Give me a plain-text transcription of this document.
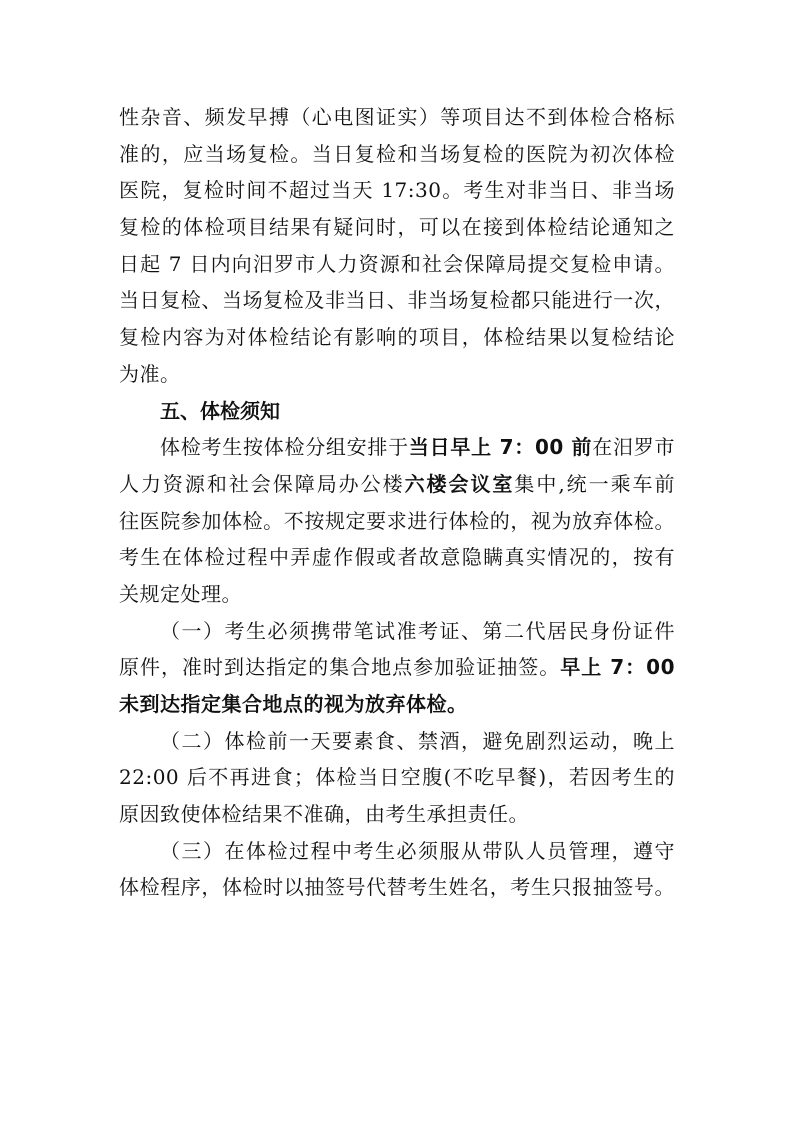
性杂音、频发早搏（心电图证实）等项目达不到体检合格标
准的，应当场复检。当日复检和当场复检的医院为初次体检
医院，复检时间不超过当天 17:30。考生对非当日、非当场
复检的体检项目结果有疑问时，可以在接到体检结论通知之
日起 7 日内向汨罗市人力资源和社会保障局提交复检申请。
当日复检、当场复检及非当日、非当场复检都只能进行一次，
复检内容为对体检结论有影响的项目，体检结果以复检结论
为准。
五、体检须知
体检考生按体检分组安排于当日早上 7：00 前在汨罗市
人力资源和社会保障局办公楼六楼会议室集中,统一乘车前
往医院参加体检。不按规定要求进行体检的，视为放弃体检。
考生在体检过程中弄虚作假或者故意隐瞒真实情况的，按有
关规定处理。
（一）考生必须携带笔试准考证、第二代居民身份证件
原件，准时到达指定的集合地点参加验证抽签。早上 7：00
未到达指定集合地点的视为放弃体检。
（二）体检前一天要素食、禁酒，避免剧烈运动，晚上
22:00 后不再进食；体检当日空腹(不吃早餐)，若因考生的
原因致使体检结果不准确，由考生承担责任。
（三）在体检过程中考生必须服从带队人员管理，遵守
体检程序，体检时以抽签号代替考生姓名，考生只报抽签号。
